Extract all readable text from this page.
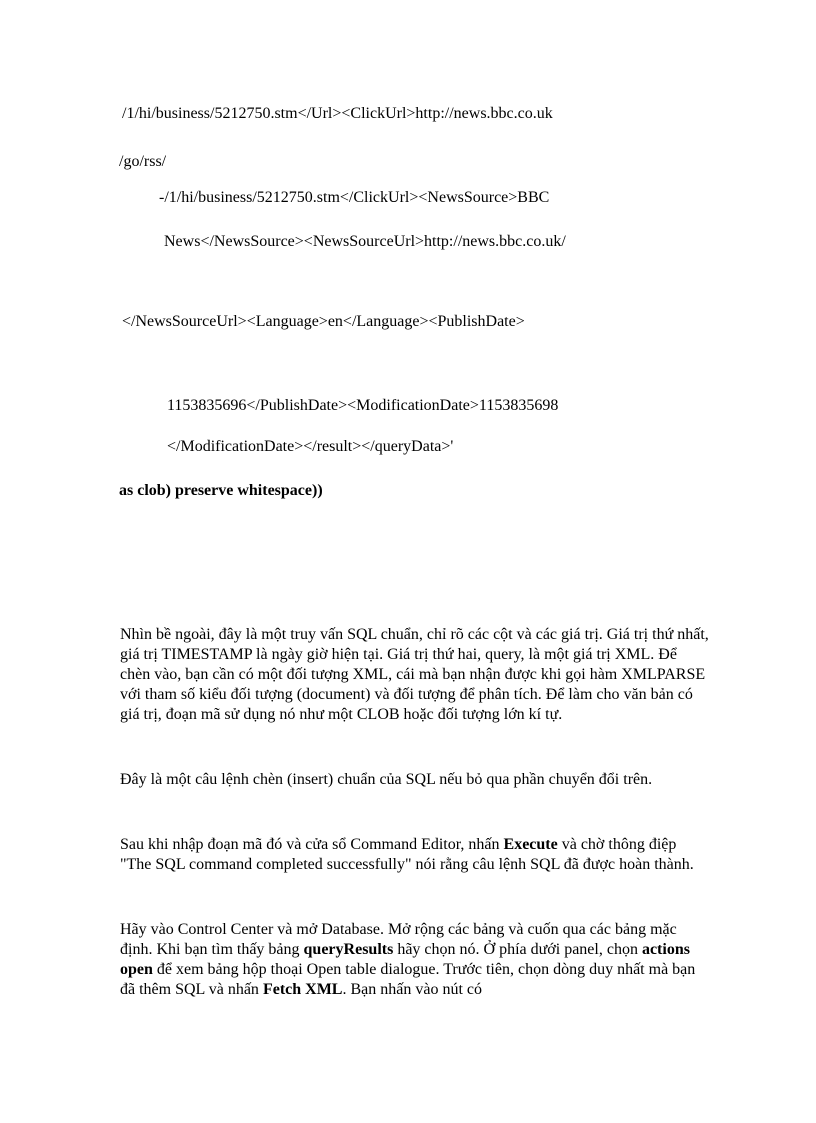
/1/hi/business/5212750.stm</Url><ClickUrl>http://news.bbc.co.uk
/go/rss/
-/1/hi/business/5212750.stm</ClickUrl><NewsSource>BBC
News</NewsSource><NewsSourceUrl>http://news.bbc.co.uk/
</NewsSourceUrl><Language>en</Language><PublishDate>
1153835696</PublishDate><ModificationDate>1153835698
</ModificationDate></result></queryData>'
as clob) preserve whitespace))

Nhìn bề ngoài, đây là một truy vấn SQL chuẩn, chỉ rõ các cột và các giá trị. Giá trị thứ nhất, giá trị TIMESTAMP là ngày giờ hiện tại. Giá trị thứ hai, query, là một giá trị XML. Để chèn vào, bạn cần có một đối tượng XML, cái mà bạn nhận được khi gọi hàm XMLPARSE với tham số kiểu đối tượng (document) và đối tượng để phân tích. Để làm cho văn bản có giá trị, đoạn mã sử dụng nó như một CLOB hoặc đối tượng lớn kí tự.

Đây là một câu lệnh chèn (insert) chuẩn của SQL nếu bỏ qua phần chuyển đổi trên.

Sau khi nhập đoạn mã đó và cửa sổ Command Editor, nhấn Execute và chờ thông điệp "The SQL command completed successfully" nói rằng câu lệnh SQL đã được hoàn thành.

Hãy vào Control Center và mở Database. Mở rộng các bảng và cuốn qua các bảng mặc định. Khi bạn tìm thấy bảng queryResults hãy chọn nó. Ở phía dưới panel, chọn actions open để xem bảng hộp thoại Open table dialogue. Trước tiên, chọn dòng duy nhất mà bạn đã thêm SQL và nhấn Fetch XML. Bạn nhấn vào nút có
